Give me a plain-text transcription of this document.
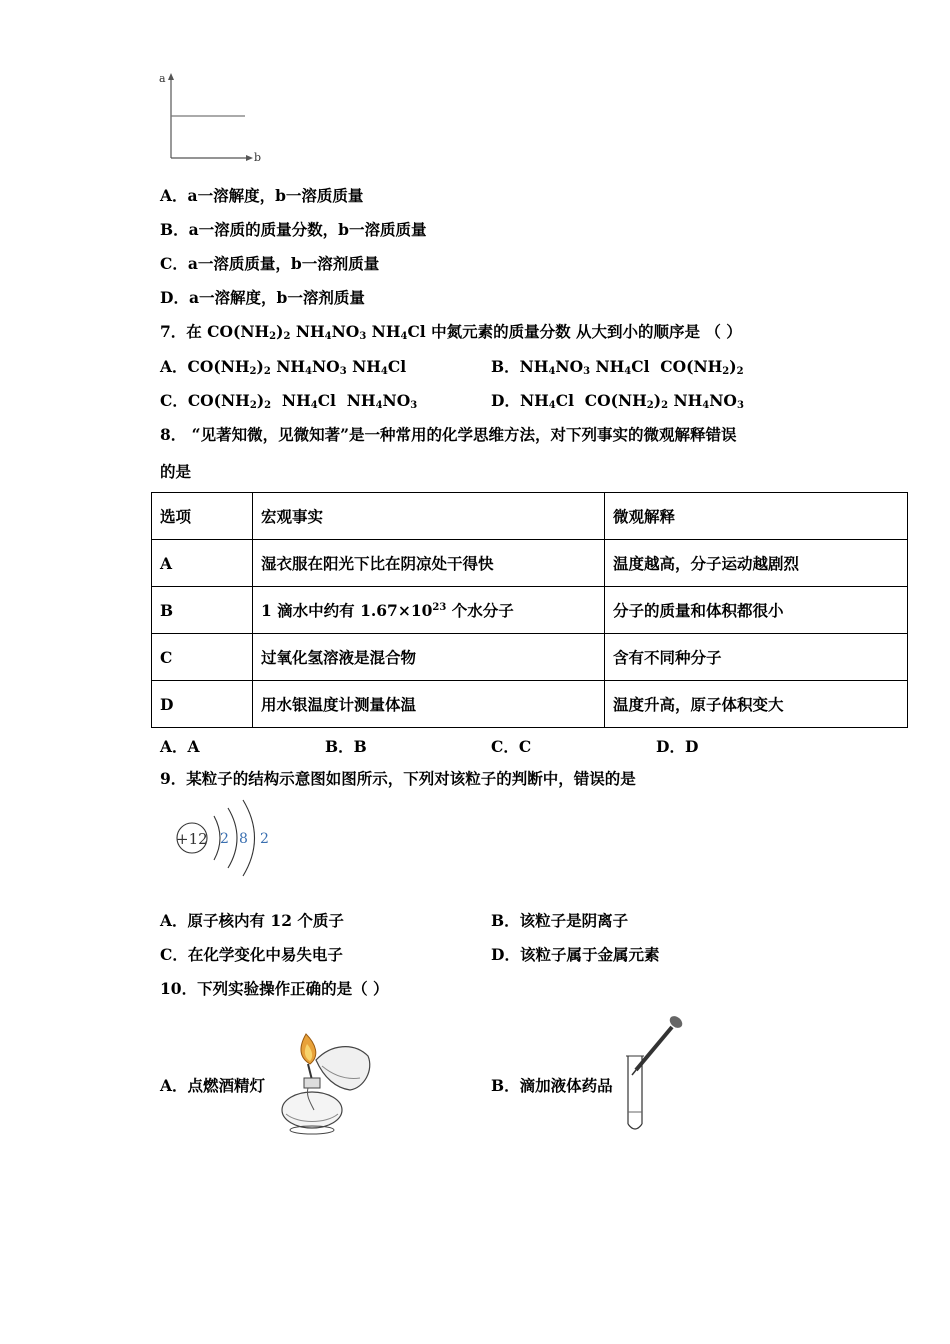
a
b
A．a一溶解度，b一溶质质量
B．a一溶质的质量分数，b一溶质质量
C．a一溶质质量，b一溶剂质量
D．a一溶解度，b一溶剂质量
7．在 $CO(NH_2)_2$ $NH_4NO_3$ $NH_4Cl$ 中氮元素的质量分数 从大到小的顺序是 （ ）
A．$CO(NH_2)_2$ $NH_4NO_3$ $NH_4Cl$	B．$NH_4NO_3$ $NH_4Cl$ $CO(NH_2)_2$
C．$CO(NH_2)_2$ $NH_4Cl$ $NH_4NO_3$	D．$NH_4Cl$ $CO(NH_2)_2$ $NH_4NO_3$
8． “见著知微，见微知著”是一种常用的化学思维方法，对下列事实的微观解释错误
的是
选项	宏观事实	微观解释
A	湿衣服在阳光下比在阴凉处干得快	温度越高，分子运动越剧烈
B	1 滴水中约有 $1.67\times 10^{23}$ 个水分子	分子的质量和体积都很小
C	过氧化氢溶液是混合物	含有不同种分子
D	用水银温度计测量体温	温度升高，原子体积变大
A．A	B．B	C．C	D．D
9．某粒子的结构示意图如图所示，下列对该粒子的判断中，错误的是
+12 2 8 2
A．原子核内有 12 个质子	B．该粒子是阴离子
C．在化学变化中易失电子	D．该粒子属于金属元素
10．下列实验操作正确的是（ ）
A．点燃酒精灯	B．滴加液体药品
